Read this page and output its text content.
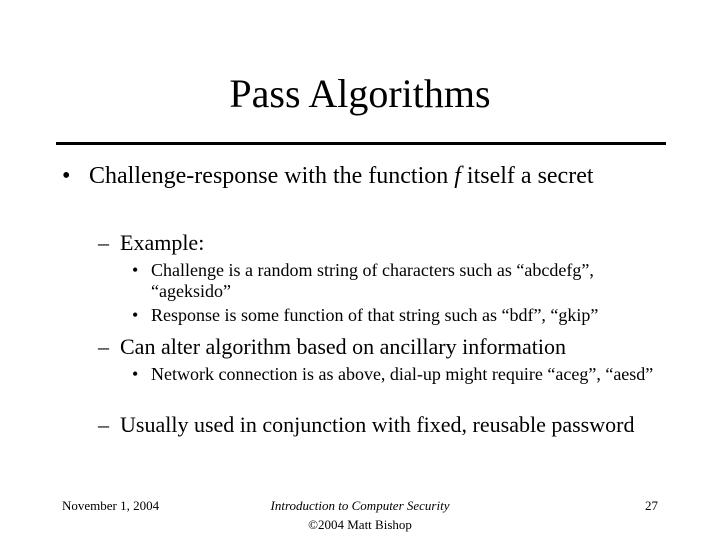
Pass Algorithms
• Challenge-response with the function f itself a secret
– Example:
• Challenge is a random string of characters such as “abcdefg”, “ageksido”
• Response is some function of that string such as “bdf”, “gkip”
– Can alter algorithm based on ancillary information
• Network connection is as above, dial-up might require “aceg”, “aesd”
– Usually used in conjunction with fixed, reusable password
November 1, 2004	Introduction to Computer Security
©2004 Matt Bishop
27
